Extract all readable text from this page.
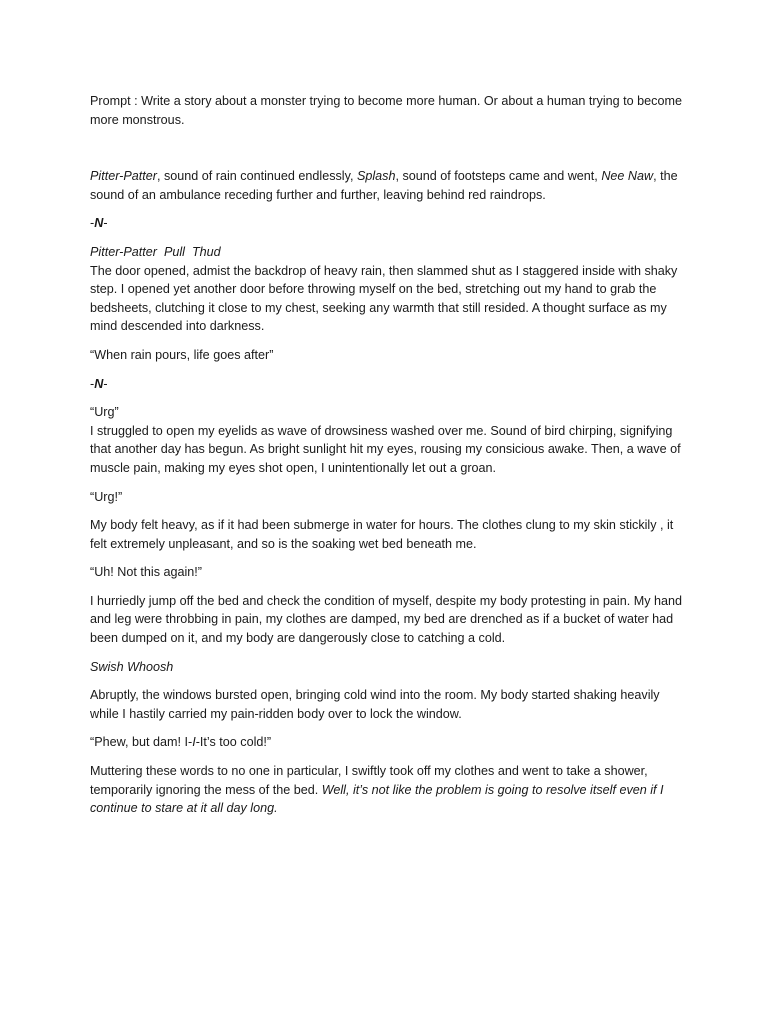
Prompt : Write a story about a monster trying to become more human. Or about a human trying to become more monstrous.

Pitter-Patter, sound of rain continued endlessly, Splash, sound of footsteps came and went, Nee Naw, the sound of an ambulance receding further and further, leaving behind red raindrops.

-N-

Pitter-Patter  Pull  Thud
The door opened, admist the backdrop of heavy rain, then slammed shut as I staggered inside with shaky step. I opened yet another door before throwing myself on the bed, stretching out my hand to grab the bedsheets, clutching it close to my chest, seeking any warmth that still resided. A thought surface as my mind descended into darkness.

“When rain pours, life goes after”

-N-

“Urg”
I struggled to open my eyelids as wave of drowsiness washed over me. Sound of bird chirping, signifying that another day has begun. As bright sunlight hit my eyes, rousing my consicious awake. Then, a wave of muscle pain, making my eyes shot open, I unintentionally let out a groan.

“Urg!”

My body felt heavy, as if it had been submerge in water for hours. The clothes clung to my skin stickily , it felt extremely unpleasant, and so is the soaking wet bed beneath me.

“Uh! Not this again!”

I hurriedly jump off the bed and check the condition of myself, despite my body protesting in pain. My hand and leg were throbbing in pain, my clothes are damped, my bed are drenched as if a bucket of water had been dumped on it, and my body are dangerously close to catching a cold.

Swish Whoosh

Abruptly, the windows bursted open, bringing cold wind into the room. My body started shaking heavily while I hastily carried my pain-ridden body over to lock the window.

“Phew, but dam! I-I-It’s too cold!”

Muttering these words to no one in particular, I swiftly took off my clothes and went to take a shower, temporarily ignoring the mess of the bed. Well, it’s not like the problem is going to resolve itself even if I continue to stare at it all day long.
